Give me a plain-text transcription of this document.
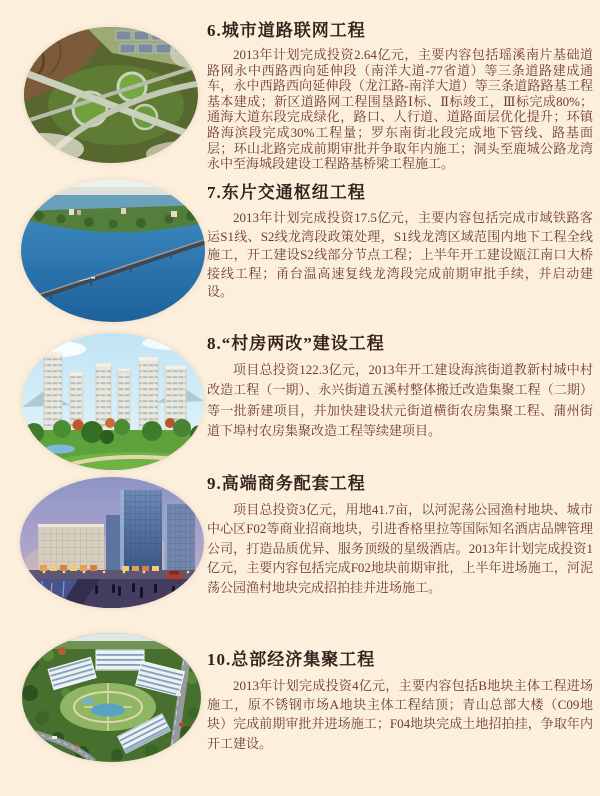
6.城市道路联网工程

2013年计划完成投资2.64亿元，主要内容包括瑶溪南片基础道路网永中西路西向延伸段（南洋大道-77省道）等三条道路建成通车，永中西路西向延伸段（龙江路-南洋大道）等三条道路路基工程基本建成；新区道路网工程围垦路Ⅰ标、Ⅱ标竣工，Ⅲ标完成80%；通海大道东段完成绿化，路口、人行道、道路面层优化提升；环镇路海滨段完成30%工程量；罗东南街北段完成地下管线、路基面层；环山北路完成前期审批并争取年内施工；洞头至鹿城公路龙湾永中至海城段建设工程路基桥梁工程施工。

7.东片交通枢纽工程

2013年计划完成投资17.5亿元，主要内容包括完成市域铁路客运S1线、S2线龙湾段政策处理，S1线龙湾区域范围内地下工程全线施工，开工建设S2线部分节点工程；上半年开工建设瓯江南口大桥接线工程；甬台温高速复线龙湾段完成前期审批手续，并启动建设。

8.“村房两改”建设工程

项目总投资122.3亿元，2013年开工建设海滨街道教新村城中村改造工程（一期）、永兴街道五溪村整体搬迁改造集聚工程（二期）等一批新建项目，并加快建设状元街道横街农房集聚工程、蒲州街道下埠村农房集聚改造工程等续建项目。

9.高端商务配套工程

项目总投资3亿元，用地41.7亩，以河泥荡公园渔村地块、城市中心区F02等商业招商地块，引进香格里拉等国际知名酒店品牌管理公司，打造品质优异、服务顶级的星级酒店。2013年计划完成投资1亿元，主要内容包括完成F02地块前期审批，上半年进场施工，河泥荡公园渔村地块完成招拍挂并进场施工。

10.总部经济集聚工程

2013年计划完成投资4亿元，主要内容包括B地块主体工程进场施工，原不锈钢市场A地块主体工程结顶；青山总部大楼（C09地块）完成前期审批并进场施工；F04地块完成土地招拍挂，争取年内开工建设。
